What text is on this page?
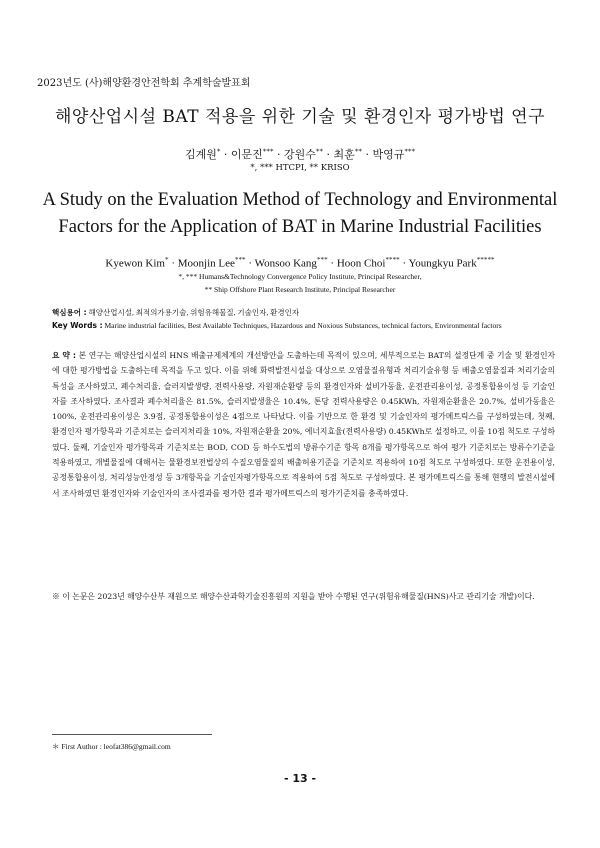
2023년도 (사)해양환경안전학회 추계학술발표회
해양산업시설 BAT 적용을 위한 기술 및 환경인자 평가방법 연구
김계원* · 이문진*** · 강원수** · 최훈** · 박영규***
*, *** HTCPI, ** KRISO
A Study on the Evaluation Method of Technology and Environmental
Factors for the Application of BAT in Marine Industrial Facilities
Kyewon Kim* · Moonjin Lee*** · Wonsoo Kang*** · Hoon Choi**** · Youngkyu Park*****
*, *** Humans&Technology Convergence Policy Institute, Principal Researcher,
** Ship Offshore Plant Research Institute, Principal Researcher
핵심용어 : 해양산업시설, 최적의가용기술, 위험유해물질, 기술인자, 환경인자
Key Words : Marine industrial facilities, Best Available Techniques, Hazardous and Noxious Substances, technical factors, Environmental factors
요 약 : 본 연구는 해양산업시설의 HNS 배출규제체계의 개선방안을 도출하는데 목적이 있으며, 세부적으로는 BAT의 설정단계 중 기술 및 환경인자에 대한 평가방법을 도출하는데 목적을 두고 있다. 이를 위해 화력발전시설을 대상으로 오염물질유형과 처리기술유형 등 배출오염물질과 처리기술의 특성을 조사하였고, 폐수처리율, 슬러지발생량, 전력사용량, 자원재순환량 등의 환경인자와 설비가동율, 운전관리용이성, 공정통합용이성 등 기술인자를 조사하였다. 조사결과 폐수처리율은 81.5%, 슬러지발생율은 10.4%, 톤당 전력사용량은 0.45KWh, 자원재순환율은 20.7%, 설비가동율은 100%, 운전관리용이성은 3.9점, 공정통합용이성은 4점으로 나타났다. 이를 기반으로 한 환경 및 기술인자의 평가메트릭스를 구성하였는데, 첫째, 환경인자 평가항목과 기준치로는 슬러지처리율 10%, 자원재순환율 20%, 에너지효율(전력사용량) 0.45KWh로 설정하고, 이를 10점 척도로 구성하였다. 둘째, 기술인자 평가항목과 기준치로는 BOD, COD 등 하수도법의 방류수기준 항목 8개를 평가항목으로 하여 평가 기준치로는 방류수기준을 적용하였고, 개별물질에 대해서는 물환경보전법상의 수질오염물질의 배출허용기준을 기준치로 적용하여 10점 척도로 구성하였다. 또한 운전용이성, 공정통합용이성, 처리성능안정성 등 3개항목을 기술인자평가항목으로 적용하여 5점 척도로 구성하였다. 본 평가메트릭스를 통해 현행의 발전시설에서 조사하였던 환경인자와 기술인자의 조사결과를 평가한 결과 평가메트릭스의 평가기준치를 충족하였다.
※ 이 논문은 2023년 해양수산부 재원으로 해양수산과학기술진흥원의 지원을 받아 수행된 연구(위험유해물질(HNS)사고 관리기술 개발)이다.
＊ First Author : leofat386@gmail.com
- 13 -
